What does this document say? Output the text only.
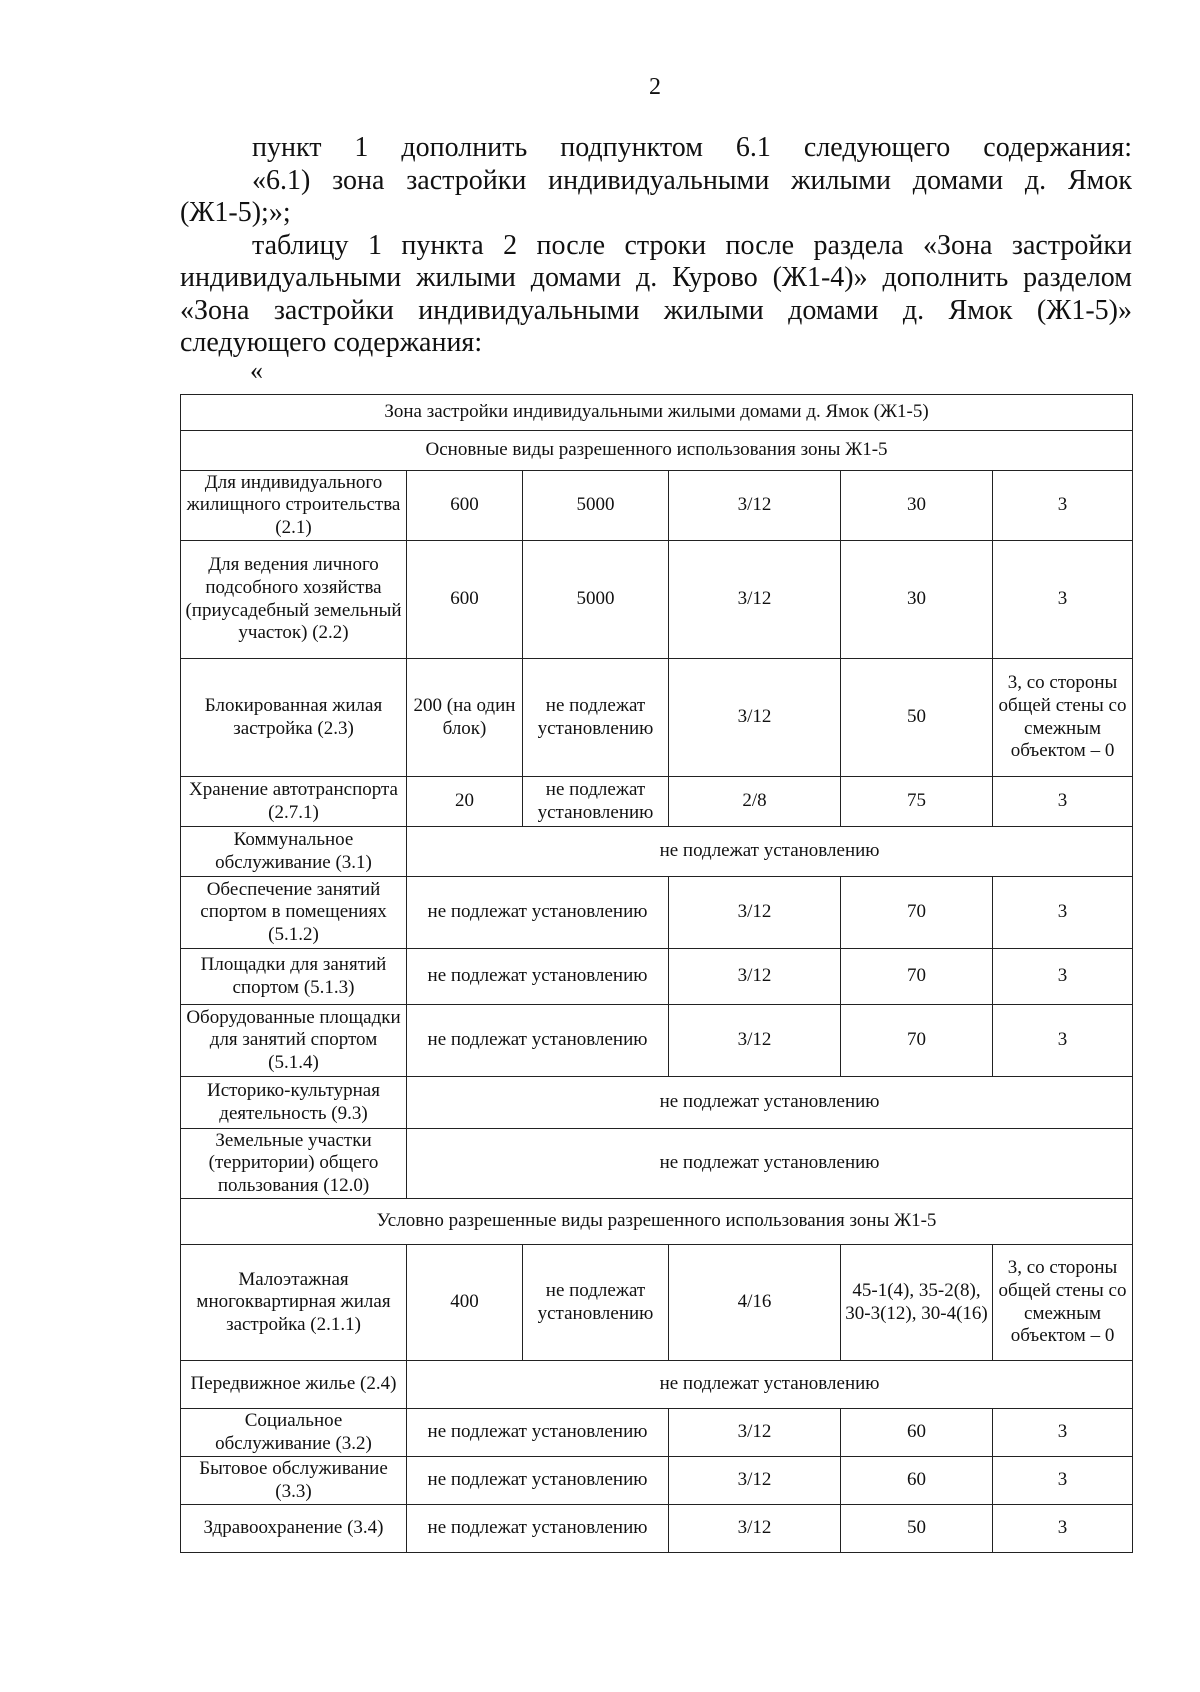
2

пункт 1 дополнить подпунктом 6.1 следующего содержания:

«6.1) зона застройки индивидуальными жилыми домами д. Ямок

(Ж1-5);»;

таблицу 1 пункта 2 после строки после раздела «Зона застройки

индивидуальными жилыми домами д. Курово (Ж1-4)» дополнить разделом

«Зона застройки индивидуальными жилыми домами д. Ямок (Ж1-5)»

следующего содержания:

«
Зона застройки индивидуальными жилыми домами д. Ямок (Ж1-5)					
Основные виды разрешенного использования зоны Ж1-5					
Для индивидуального жилищного строительства (2.1)	600	5000	3/12	30	3
Для ведения личного подсобного хозяйства (приусадебный земельный участок) (2.2)	600	5000	3/12	30	3
Блокированная жилая застройка (2.3)	200 (на один блок)	не подлежат установлению	3/12	50	3, со стороны общей стены со смежным объектом – 0
Хранение автотранспорта (2.7.1)	20	не подлежат установлению	2/8	75	3
Коммунальное обслуживание (3.1)	не подлежат установлению				
Обеспечение занятий спортом в помещениях (5.1.2)	не подлежат установлению		3/12	70	3
Площадки для занятий спортом (5.1.3)	не подлежат установлению		3/12	70	3
Оборудованные площадки для занятий спортом (5.1.4)	не подлежат установлению		3/12	70	3
Историко-культурная деятельность (9.3)	не подлежат установлению				
Земельные участки (территории) общего пользования (12.0)	не подлежат установлению				
Условно разрешенные виды разрешенного использования зоны Ж1-5					
Малоэтажная многоквартирная жилая застройка (2.1.1)	400	не подлежат установлению	4/16	45-1(4), 35-2(8), 30-3(12), 30-4(16)	3, со стороны общей стены со смежным объектом – 0
Передвижное жилье (2.4)	не подлежат установлению				
Социальное обслуживание (3.2)	не подлежат установлению		3/12	60	3
Бытовое обслуживание (3.3)	не подлежат установлению		3/12	60	3
Здравоохранение (3.4)	не подлежат установлению		3/12	50	3
